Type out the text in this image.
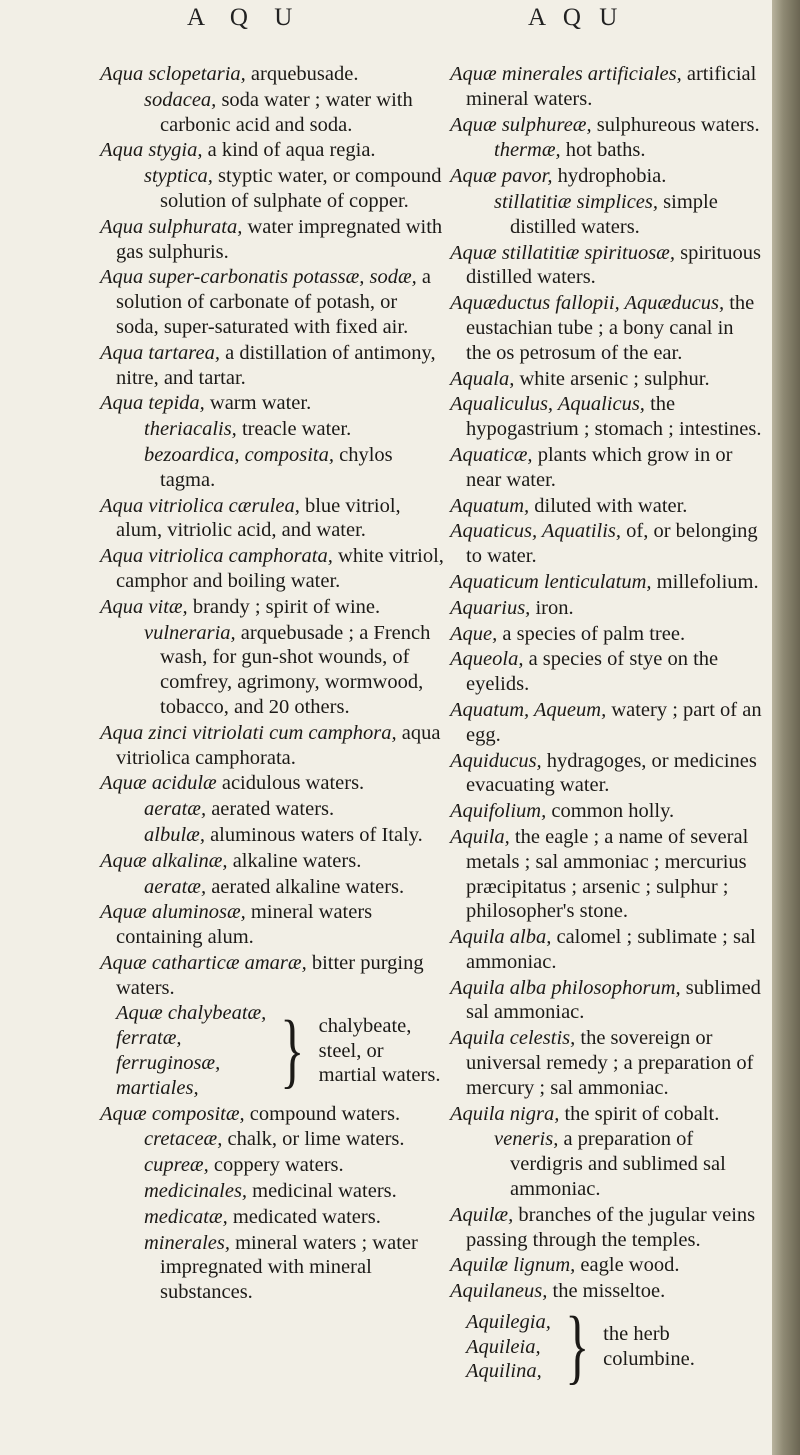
A Q U	A Q U
Aqua sclopetaria, arquebusade.
sodacea, soda water ; water with carbonic acid and soda.
Aqua stygia, a kind of aqua regia.
styptica, styptic water, or compound solution of sulphate of copper.
Aqua sulphurata, water impregnated with gas sulphuris.
Aqua super-carbonatis potassæ, sodæ, a solution of carbonate of potash, or soda, super-saturated with fixed air.
Aqua tartarea, a distillation of antimony, nitre, and tartar.
Aqua tepida, warm water.
theriacalis, treacle water.
bezoardica, composita, chylos tagma.
Aqua vitriolica cærulea, blue vitriol, alum, vitriolic acid, and water.
Aqua vitriolica camphorata, white vitriol, camphor and boiling water.
Aqua vitæ, brandy ; spirit of wine.
vulneraria, arquebusade ; a French wash, for gun-shot wounds, of comfrey, agrimony, wormwood, tobacco, and 20 others.
Aqua zinci vitriolati cum camphora, aqua vitriolica camphorata.
Aquæ acidulæ acidulous waters.
aeratæ, aerated waters.
albulæ, aluminous waters of Italy.
Aquæ alkalinæ, alkaline waters.
aeratæ, aerated alkaline waters.
Aquæ aluminosæ, mineral waters containing alum.
Aquæ catharticæ amaræ, bitter purging waters.
Aquæ chalybeatæ,
ferratæ,
ferruginosæ,
martiales, } chalybeate, steel, or martial waters.
Aquæ compositæ, compound waters.
cretaceæ, chalk, or lime waters.
cupreæ, coppery waters.
medicinales, medicinal waters.
medicatæ, medicated waters.
minerales, mineral waters ; water impregnated with mineral substances.
Aquæ minerales artificiales, artificial mineral waters.
Aquæ sulphureæ, sulphureous waters.
thermæ, hot baths.
Aquæ pavor, hydrophobia.
stillatitiæ simplices, simple distilled waters.
Aquæ stillatitiæ spirituosæ, spirituous distilled waters.
Aquæductus fallopii, Aquæducus, the eustachian tube ; a bony canal in the os petrosum of the ear.
Aquala, white arsenic ; sulphur.
Aqualiculus, Aqualicus, the hypogastrium ; stomach ; intestines.
Aquaticæ, plants which grow in or near water.
Aquatum, diluted with water.
Aquaticus, Aquatilis, of, or belonging to water.
Aquaticum lenticulatum, millefolium.
Aquarius, iron.
Aque, a species of palm tree.
Aqueola, a species of stye on the eyelids.
Aquatum, Aqueum, watery ; part of an egg.
Aquiducus, hydragoges, or medicines evacuating water.
Aquifolium, common holly.
Aquila, the eagle ; a name of several metals ; sal ammoniac ; mercurius præcipitatus ; arsenic ; sulphur ; philosopher's stone.
Aquila alba, calomel ; sublimate ; sal ammoniac.
Aquila alba philosophorum, sublimed sal ammoniac.
Aquila celestis, the sovereign or universal remedy ; a preparation of mercury ; sal ammoniac.
Aquila nigra, the spirit of cobalt.
veneris, a preparation of verdigris and sublimed sal ammoniac.
Aquilæ, branches of the jugular veins passing through the temples.
Aquilæ lignum, eagle wood.
Aquilaneus, the misseltoe.
Aquilegia,
Aquileia,
Aquilina, } the herb columbine.
